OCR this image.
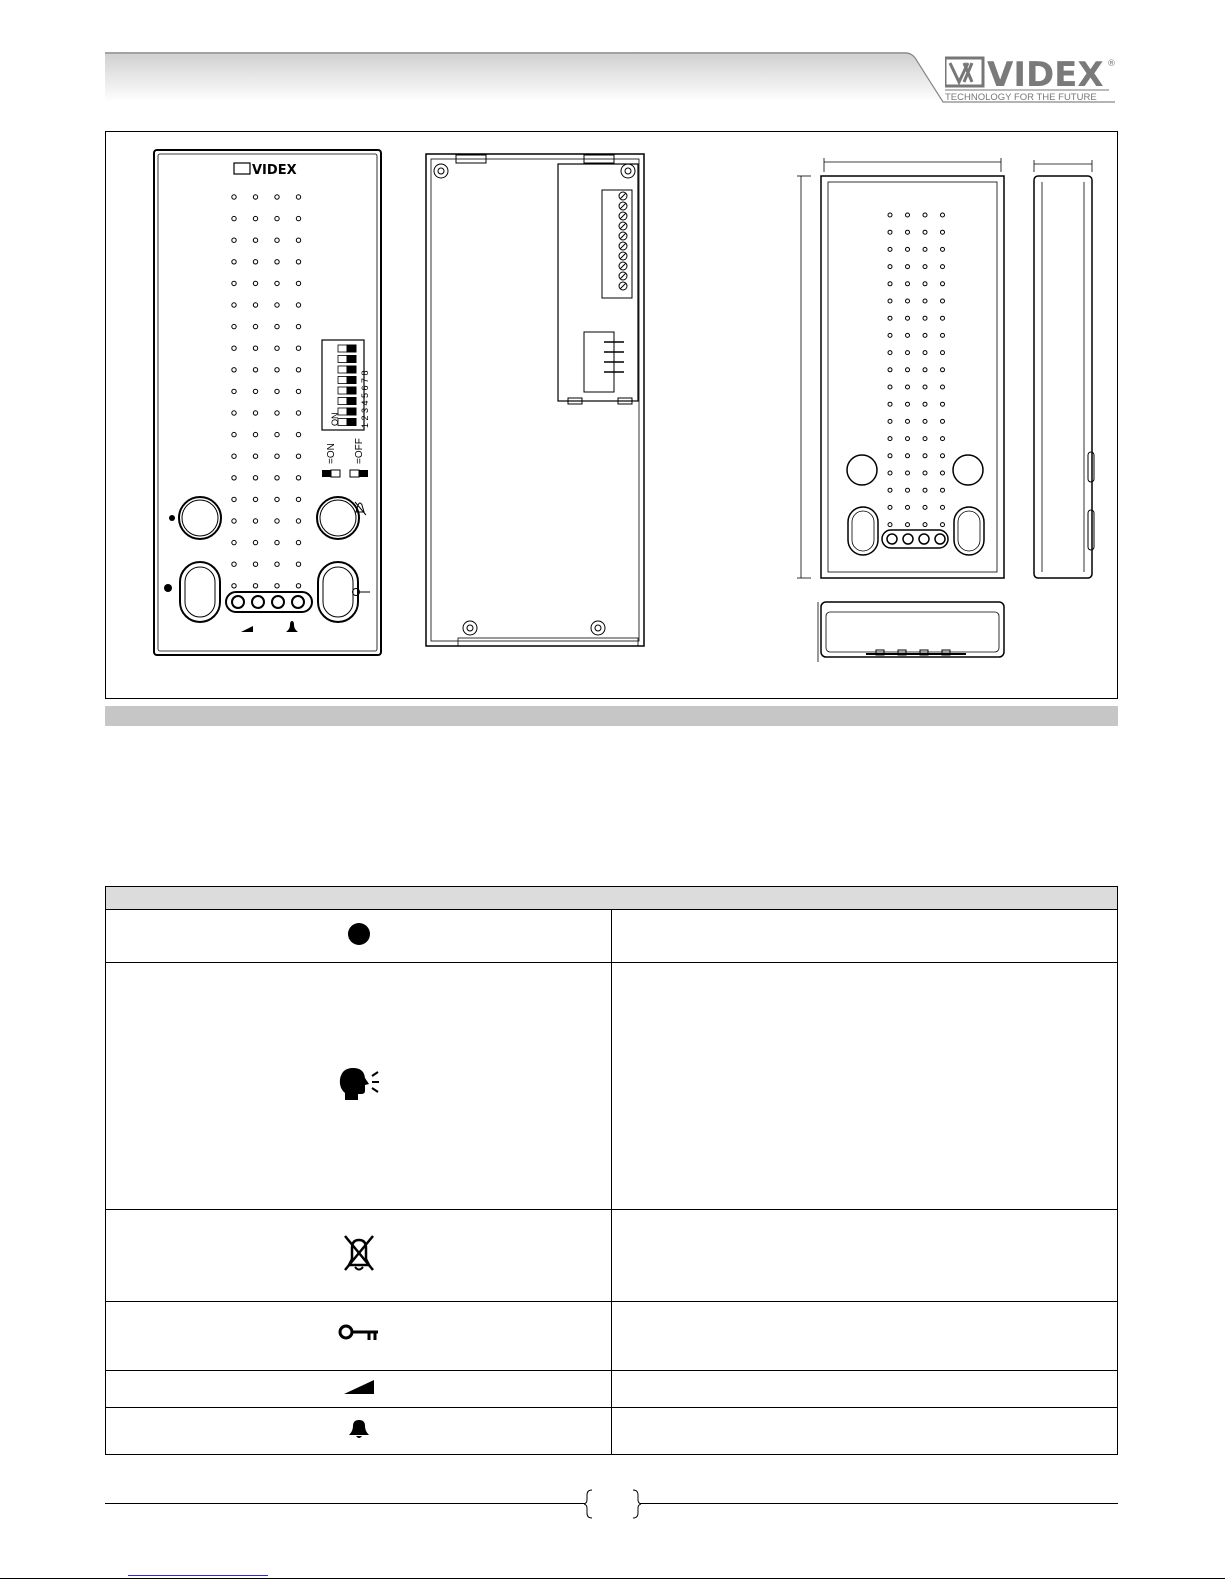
VIDEX ®
TECHNOLOGY FOR THE FUTURE
VIDEX
ON 1 2 3 4 5 6 7 8
=ON =OFF
